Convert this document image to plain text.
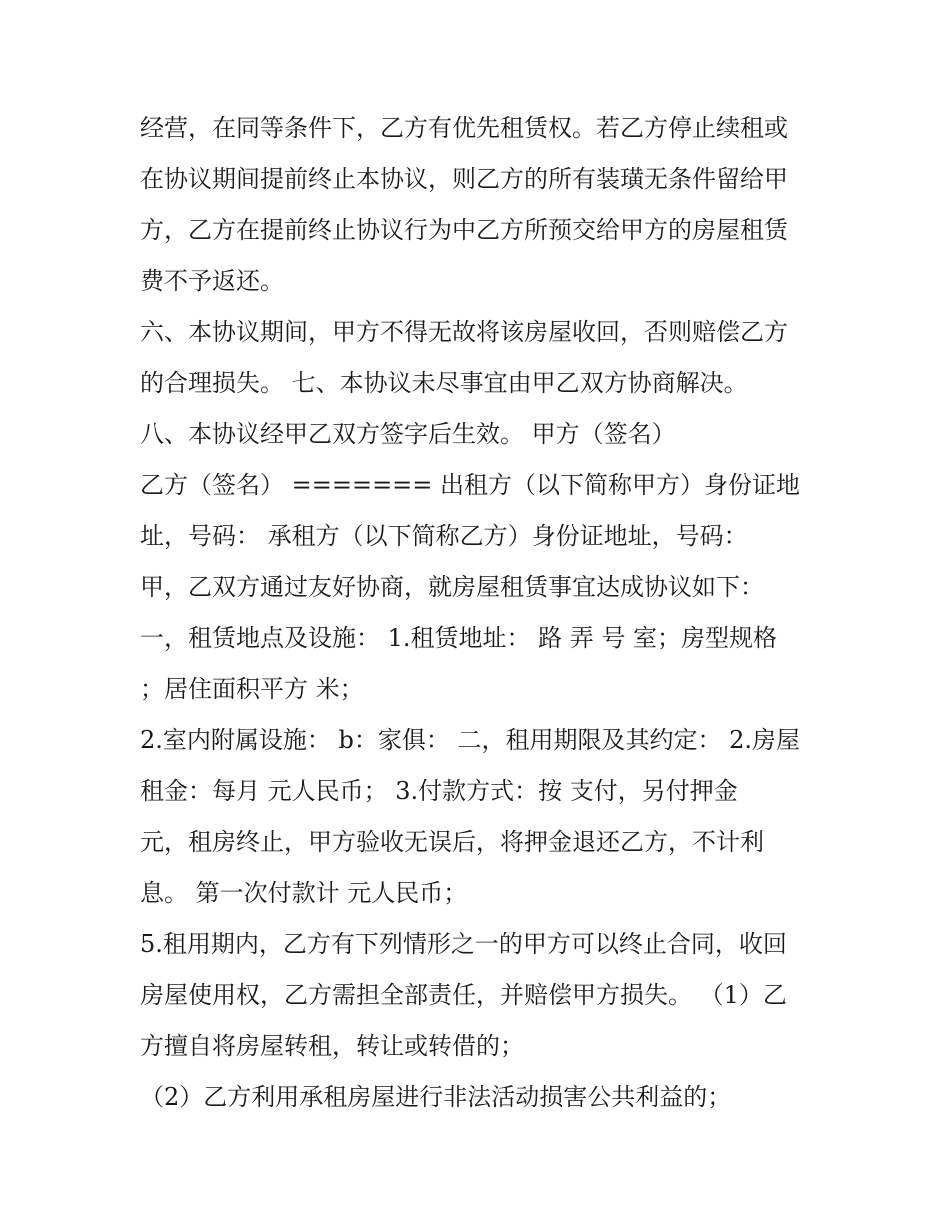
经营，在同等条件下，乙方有优先租赁权。若乙方停止续租或
在协议期间提前终止本协议，则乙方的所有装璜无条件留给甲
方，乙方在提前终止协议行为中乙方所预交给甲方的房屋租赁
费不予返还。
六、本协议期间，甲方不得无故将该房屋收回，否则赔偿乙方
的合理损失。 七、本协议未尽事宜由甲乙双方协商解决。
八、本协议经甲乙双方签字后生效。 甲方（签名）
乙方（签名） ======= 出租方（以下简称甲方）身份证地
址，号码： 承租方（以下简称乙方）身份证地址，号码：
甲，乙双方通过友好协商，就房屋租赁事宜达成协议如下：
一，租赁地点及设施： 1.租赁地址： 路 弄 号 室；房型规格
；居住面积平方 米；
2.室内附属设施： b：家俱： 二，租用期限及其约定： 2.房屋
租金：每月 元人民币； 3.付款方式：按 支付，另付押金
元，租房终止，甲方验收无误后，将押金退还乙方，不计利
息。 第一次付款计 元人民币；
5.租用期内，乙方有下列情形之一的甲方可以终止合同，收回
房屋使用权，乙方需担全部责任，并赔偿甲方损失。 （1）乙
方擅自将房屋转租，转让或转借的；
（2）乙方利用承租房屋进行非法活动损害公共利益的；
